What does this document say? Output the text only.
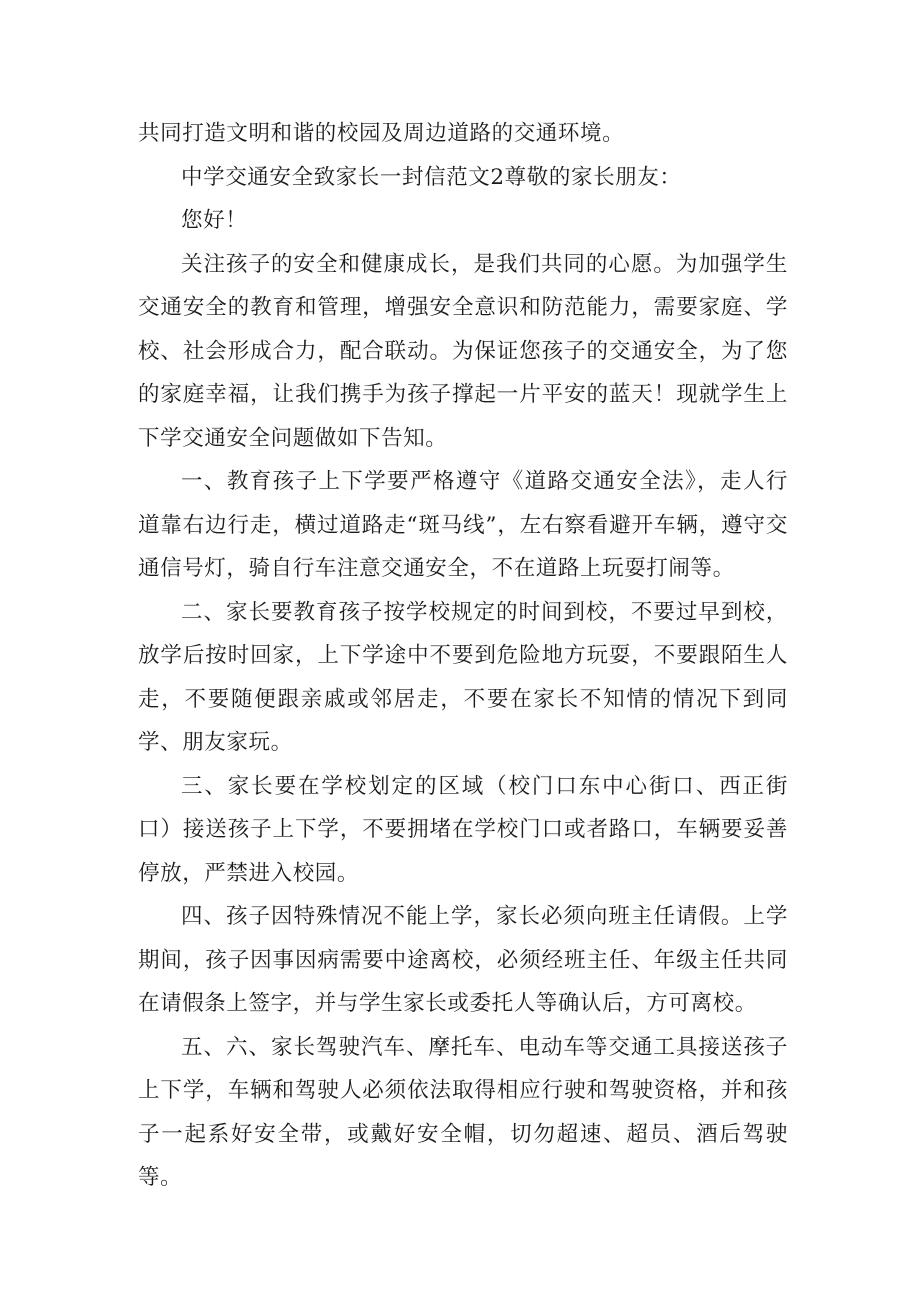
共同打造文明和谐的校园及周边道路的交通环境。

中学交通安全致家长一封信范文2尊敬的家长朋友：

您好！

关注孩子的安全和健康成长，是我们共同的心愿。为加强学生交通安全的教育和管理，增强安全意识和防范能力，需要家庭、学校、社会形成合力，配合联动。为保证您孩子的交通安全，为了您的家庭幸福，让我们携手为孩子撑起一片平安的蓝天！现就学生上下学交通安全问题做如下告知。

一、教育孩子上下学要严格遵守《道路交通安全法》，走人行道靠右边行走，横过道路走“斑马线”，左右察看避开车辆，遵守交通信号灯，骑自行车注意交通安全，不在道路上玩耍打闹等。

二、家长要教育孩子按学校规定的时间到校，不要过早到校，放学后按时回家，上下学途中不要到危险地方玩耍，不要跟陌生人走，不要随便跟亲戚或邻居走，不要在家长不知情的情况下到同学、朋友家玩。

三、家长要在学校划定的区域（校门口东中心街口、西正街口）接送孩子上下学，不要拥堵在学校门口或者路口，车辆要妥善停放，严禁进入校园。

四、孩子因特殊情况不能上学，家长必须向班主任请假。上学期间，孩子因事因病需要中途离校，必须经班主任、年级主任共同在请假条上签字，并与学生家长或委托人等确认后，方可离校。

五、六、家长驾驶汽车、摩托车、电动车等交通工具接送孩子上下学，车辆和驾驶人必须依法取得相应行驶和驾驶资格，并和孩子一起系好安全带，或戴好安全帽，切勿超速、超员、酒后驾驶等。
